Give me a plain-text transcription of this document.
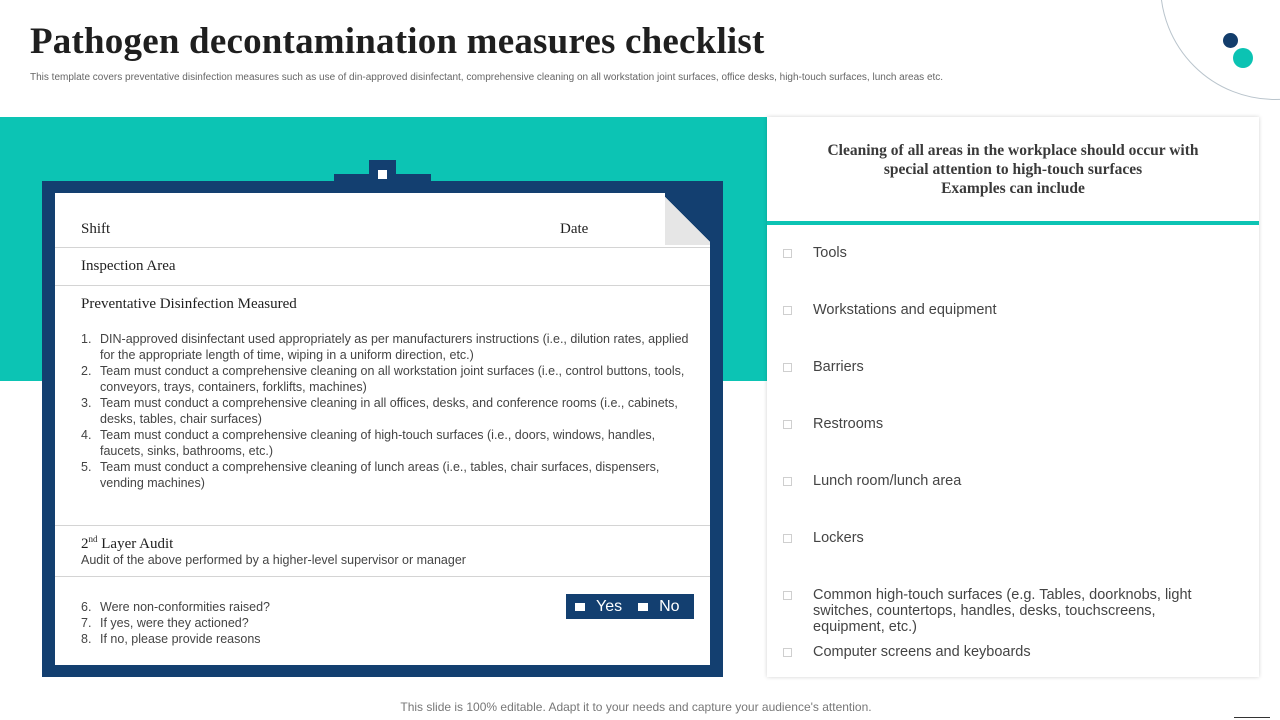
Pathogen decontamination measures checklist
This template covers preventative disinfection measures such as use of din-approved disinfectant, comprehensive cleaning on all workstation joint surfaces, office desks, high-touch surfaces, lunch areas etc.
Shift	Date
Inspection Area
Preventative Disinfection Measured
1. DIN-approved disinfectant used appropriately as per manufacturers instructions (i.e., dilution rates, applied for the appropriate length of time, wiping in a uniform direction, etc.)
2. Team must conduct a comprehensive cleaning on all workstation joint surfaces (i.e., control buttons, tools, conveyors, trays, containers, forklifts, machines)
3. Team must conduct a comprehensive cleaning in all offices, desks, and conference rooms (i.e., cabinets, desks, tables, chair surfaces)
4. Team must conduct a comprehensive cleaning of high-touch surfaces (i.e., doors, windows, handles, faucets, sinks, bathrooms, etc.)
5. Team must conduct a comprehensive cleaning of lunch areas (i.e., tables, chair surfaces, dispensers, vending machines)
2nd Layer Audit
Audit of the above performed by a higher-level supervisor or manager
6. Were non-conformities raised?
7. If yes, were they actioned?
8. If no, please provide reasons
Yes No
Cleaning of all areas in the workplace should occur with
special attention to high-touch surfaces
Examples can include
Tools
Workstations and equipment
Barriers
Restrooms
Lunch room/lunch area
Lockers
Common high-touch surfaces (e.g. Tables, doorknobs, light switches, countertops, handles, desks, touchscreens, equipment, etc.)
Computer screens and keyboards
This slide is 100% editable. Adapt it to your needs and capture your audience's attention.
